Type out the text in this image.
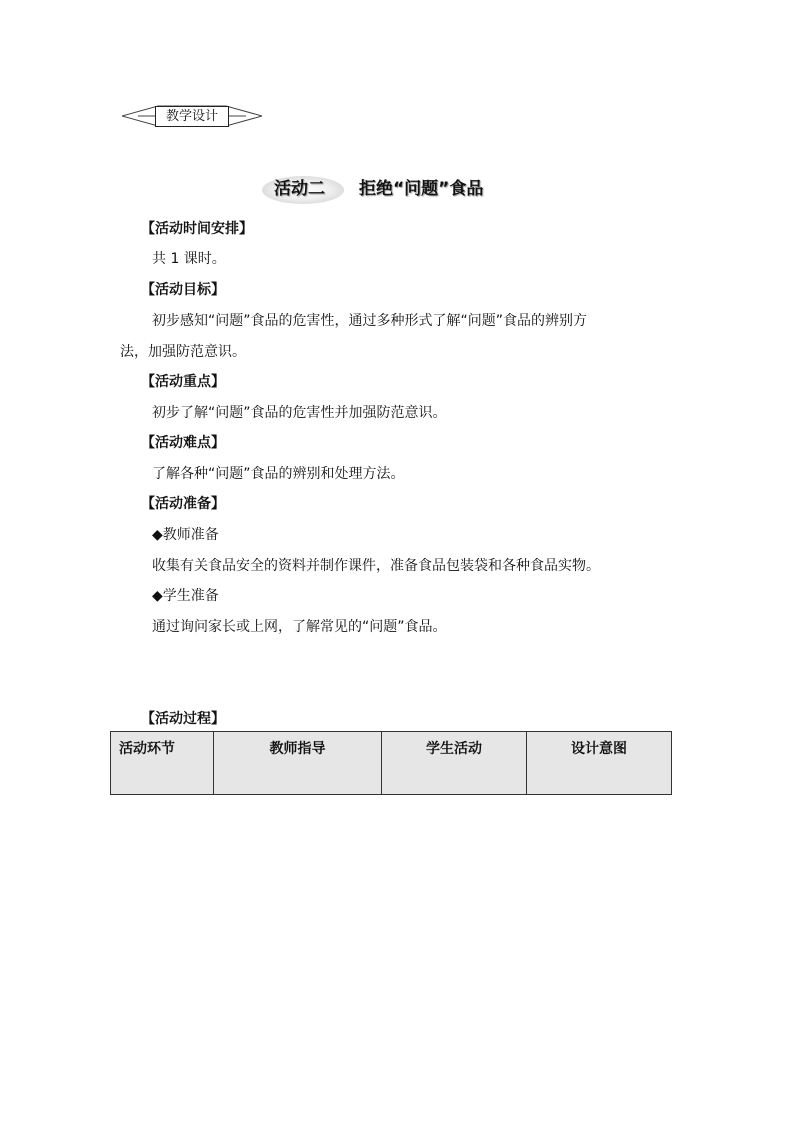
教学设计
活动二 拒绝“问题”食品
【活动时间安排】
共 1 课时。
【活动目标】
初步感知“问题”食品的危害性，通过多种形式了解“问题”食品的辨别方
法，加强防范意识。
【活动重点】
初步了解“问题”食品的危害性并加强防范意识。
【活动难点】
了解各种“问题”食品的辨别和处理方法。
【活动准备】
◆教师准备
收集有关食品安全的资料并制作课件，准备食品包装袋和各种食品实物。
◆学生准备
通过询问家长或上网，了解常见的“问题”食品。
【活动过程】
活动环节	教师指导	学生活动	设计意图
